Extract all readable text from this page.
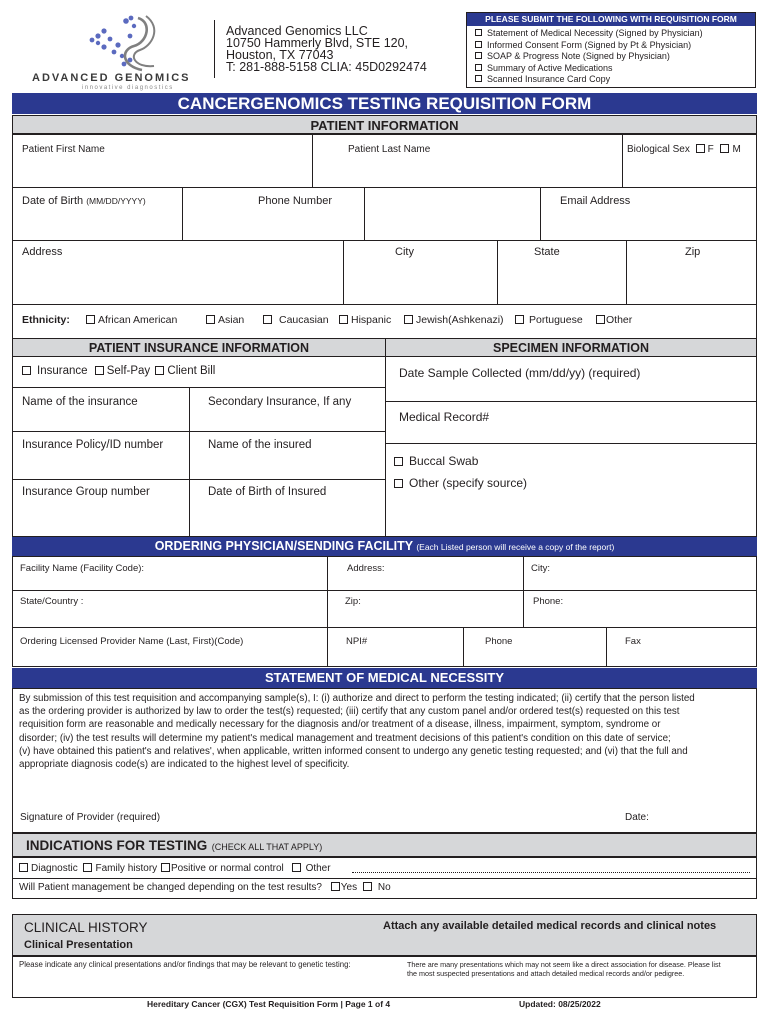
ADVANCED GENOMICS
innovative diagnostics
Advanced Genomics LLC
10750 Hammerly Blvd, STE 120,
Houston, TX 77043
T: 281-888-5158 CLIA: 45D0292474
PLEASE SUBMIT THE FOLLOWING WITH REQUISITION FORM
Statement of Medical Necessity (Signed by Physician)
Informed Consent Form (Signed by Pt & Physician)
SOAP & Progress Note (Signed by Physician)
Summary of Active Medications
Scanned Insurance Card Copy
CANCERGENOMICS TESTING REQUISITION FORM
PATIENT INFORMATION
Patient First Name	Patient Last Name	Biological Sex F M
Date of Birth (MM/DD/YYYY)	Phone Number	Email Address
Address	City	State	Zip
Ethnicity:	African American	Asian	Caucasian	Hispanic	Jewish(Ashkenazi)	Portuguese	Other
PATIENT INSURANCE INFORMATION	SPECIMEN INFORMATION
Insurance Self-Pay Client Bill
Name of the insurance	Secondary Insurance, If any
Insurance Policy/ID number	Name of the insured
Insurance Group number	Date of Birth of Insured
Date Sample Collected (mm/dd/yy) (required)
Medical Record#
Buccal Swab
Other (specify source)
ORDERING PHYSICIAN/SENDING FACILITY (Each Listed person will receive a copy of the report)
Facility Name (Facility Code):	Address:	City:
State/Country :	Zip:	Phone:
Ordering Licensed Provider Name (Last, First)(Code)	NPI#	Phone	Fax
STATEMENT OF MEDICAL NECESSITY
By submission of this test requisition and accompanying sample(s), I: (i) authorize and direct to perform the testing indicated; (ii) certify that the person listed
as the ordering provider is authorized by law to order the test(s) requested; (iii) certify that any custom panel and/or ordered test(s) requested on this test
requisition form are reasonable and medically necessary for the diagnosis and/or treatment of a disease, illness, impairment, symptom, syndrome or
disorder; (iv) the test results will determine my patient's medical management and treatment decisions of this patient's condition on this date of service;
(v) have obtained this patient's and relatives', when applicable, written informed consent to undergo any genetic testing requested; and (vi) that the full and
appropriate diagnosis code(s) are indicated to the highest level of specificity.
Signature of Provider (required)	Date:
INDICATIONS FOR TESTING (CHECK ALL THAT APPLY)
Diagnostic Family history Positive or normal control Other
Will Patient management be changed depending on the test results? Yes No
CLINICAL HISTORY
Clinical Presentation
Attach any available detailed medical records and clinical notes
Please indicate any clinical presentations and/or findings that may be relevant to genetic testing:	There are many presentations which may not seem like a direct association for disease. Please list
the most suspected presentations and attach detailed medical records and/or pedigree.
Hereditary Cancer (CGX) Test Requisition Form | Page 1 of 4	Updated: 08/25/2022
